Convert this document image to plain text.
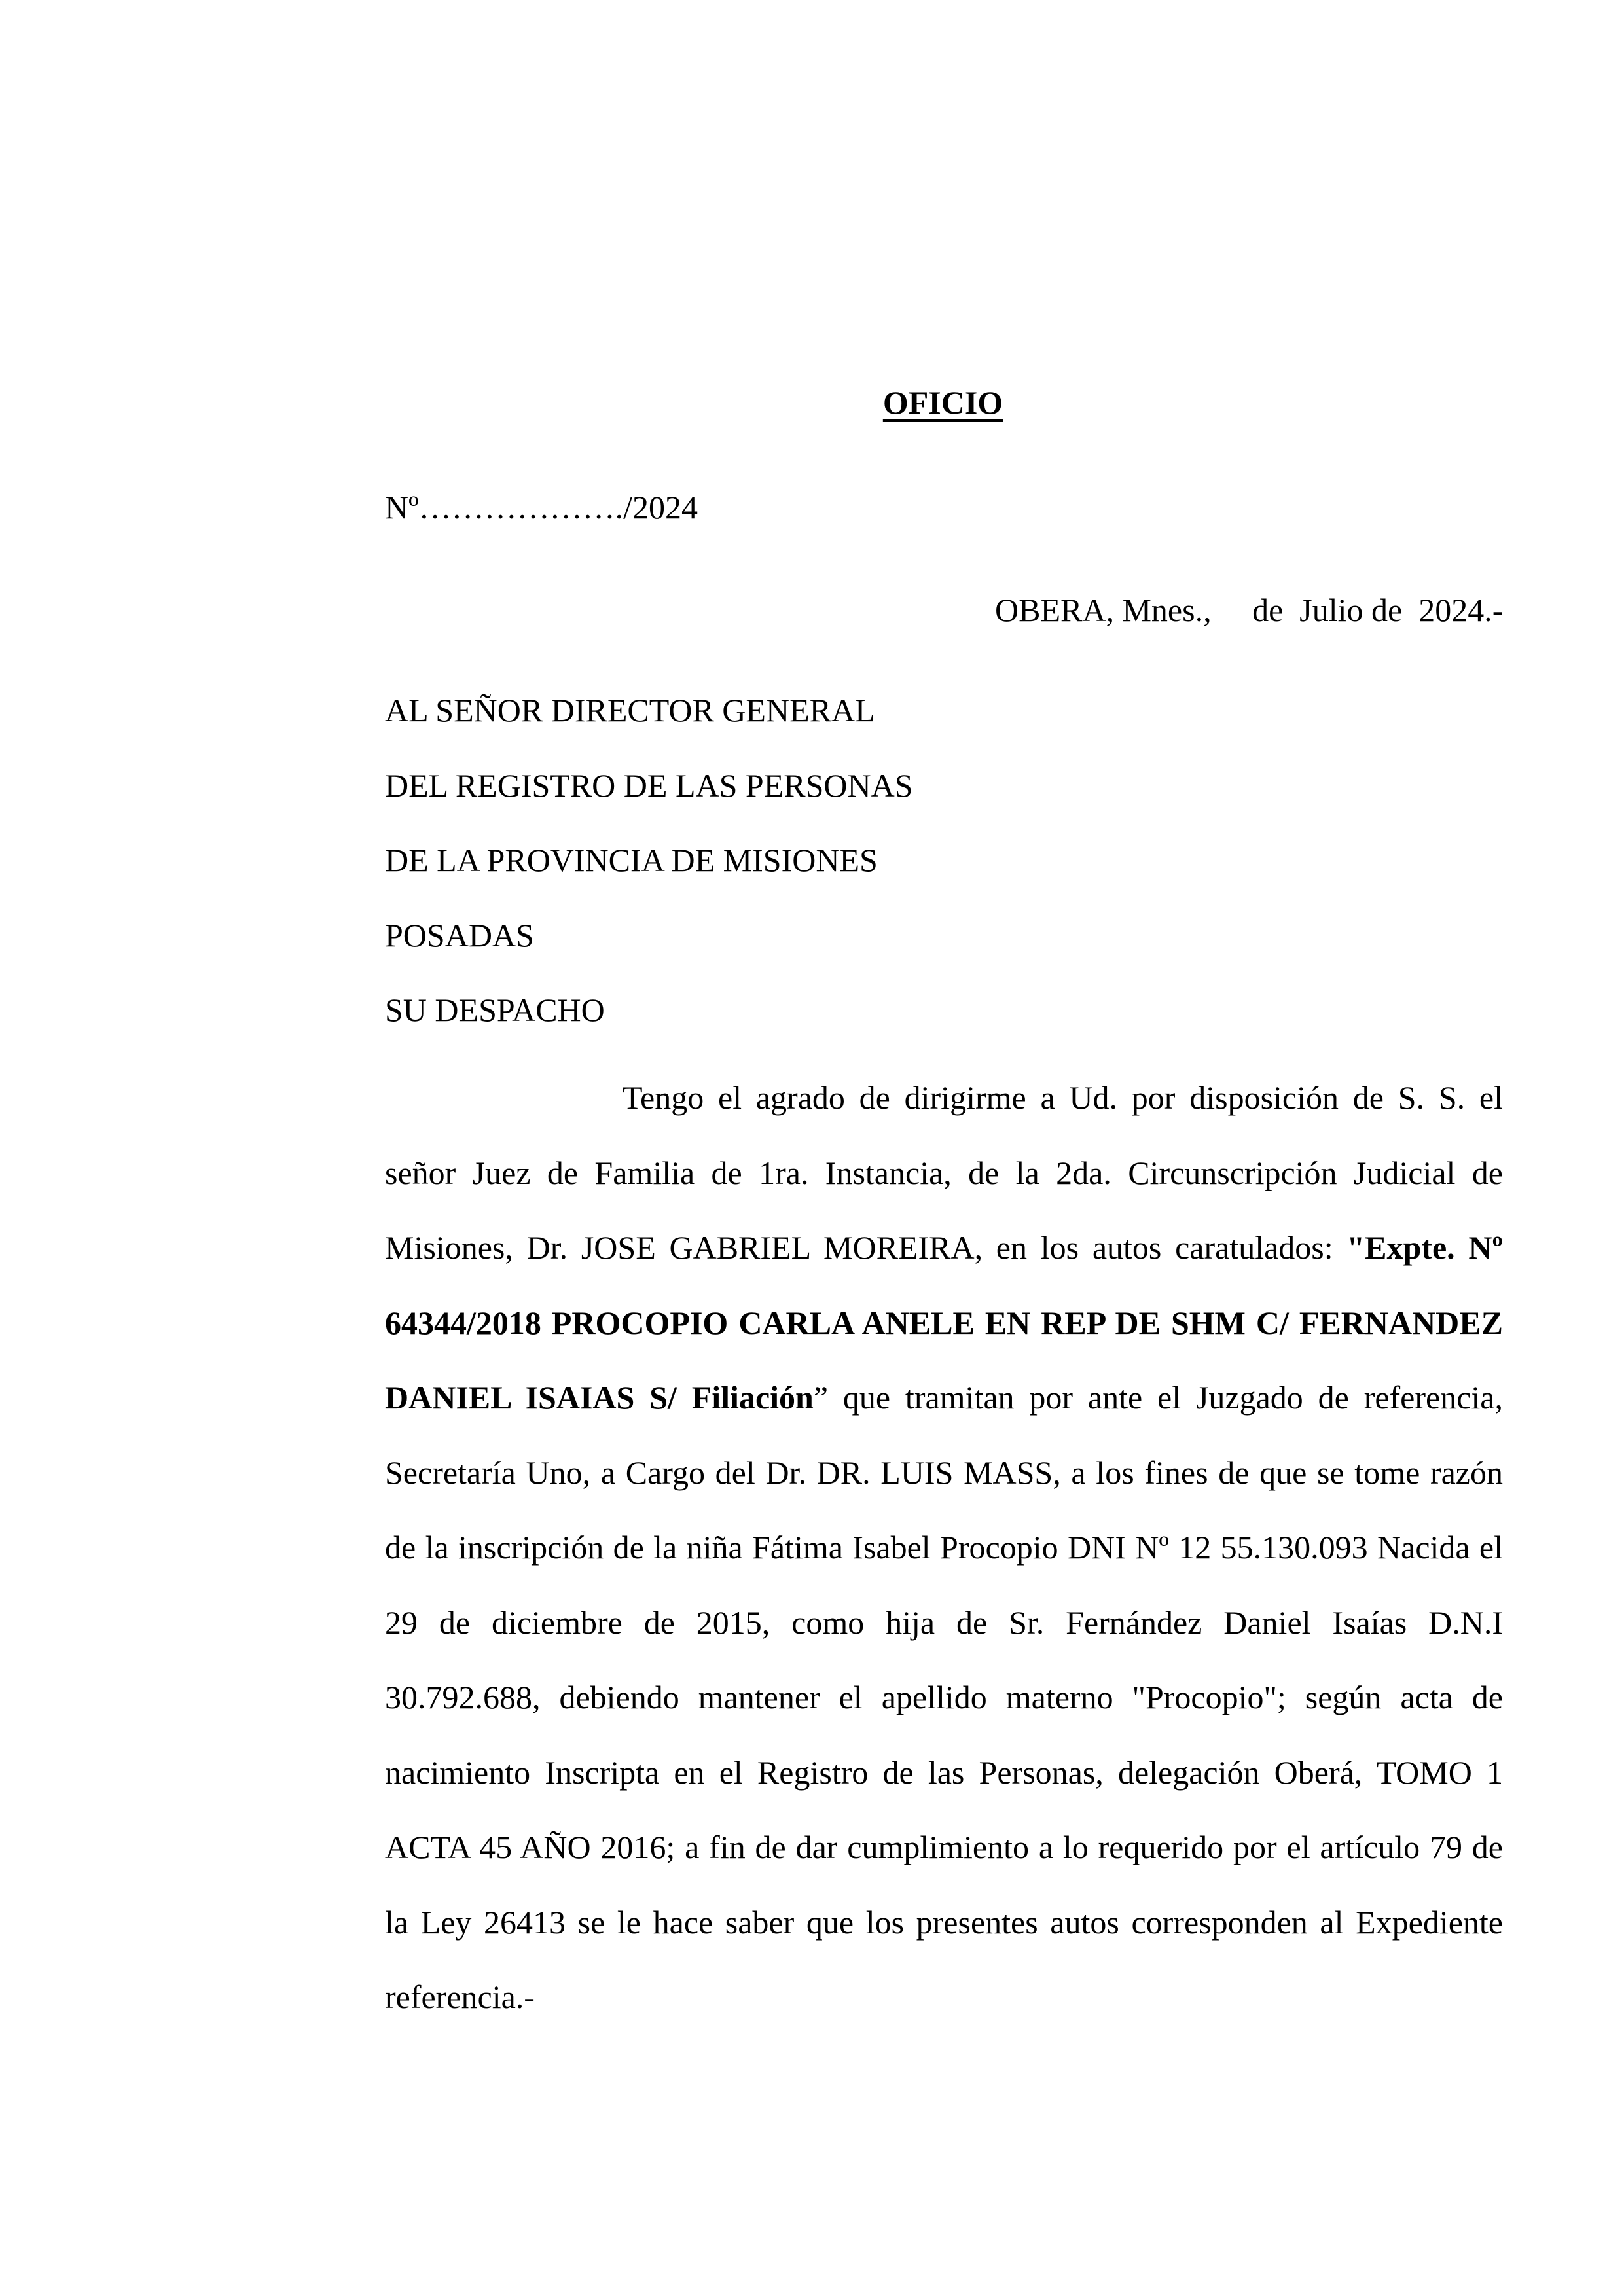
OFICIO
Nº………………./2024
OBERA, Mnes.,     de  Julio de  2024.-
AL SEÑOR DIRECTOR GENERAL
DEL REGISTRO DE LAS PERSONAS
DE LA PROVINCIA DE MISIONES
POSADAS
SU DESPACHO

Tengo el agrado de dirigirme a Ud. por disposición de S. S. el señor Juez de Familia de 1ra. Instancia, de la 2da. Circunscripción Judicial de Misiones, Dr. JOSE GABRIEL MOREIRA, en los autos caratulados: "Expte. Nº 64344/2018 PROCOPIO CARLA ANELE EN REP DE SHM C/ FERNANDEZ DANIEL ISAIAS S/ Filiación” que tramitan por ante el Juzgado de referencia, Secretaría Uno, a Cargo del Dr. DR. LUIS MASS, a los fines de que se tome razón de la inscripción de la niña Fátima Isabel Procopio DNI Nº 12 55.130.093 Nacida el 29 de diciembre de 2015, como hija de Sr. Fernández Daniel Isaías D.N.I 30.792.688, debiendo mantener el apellido materno "Procopio"; según acta de nacimiento Inscripta en el Registro de las Personas, delegación Oberá, TOMO 1 ACTA 45 AÑO 2016; a fin de dar cumplimiento a lo requerido por el artículo 79 de la Ley 26413 se le hace saber que los presentes autos corresponden al Expediente referencia.-
